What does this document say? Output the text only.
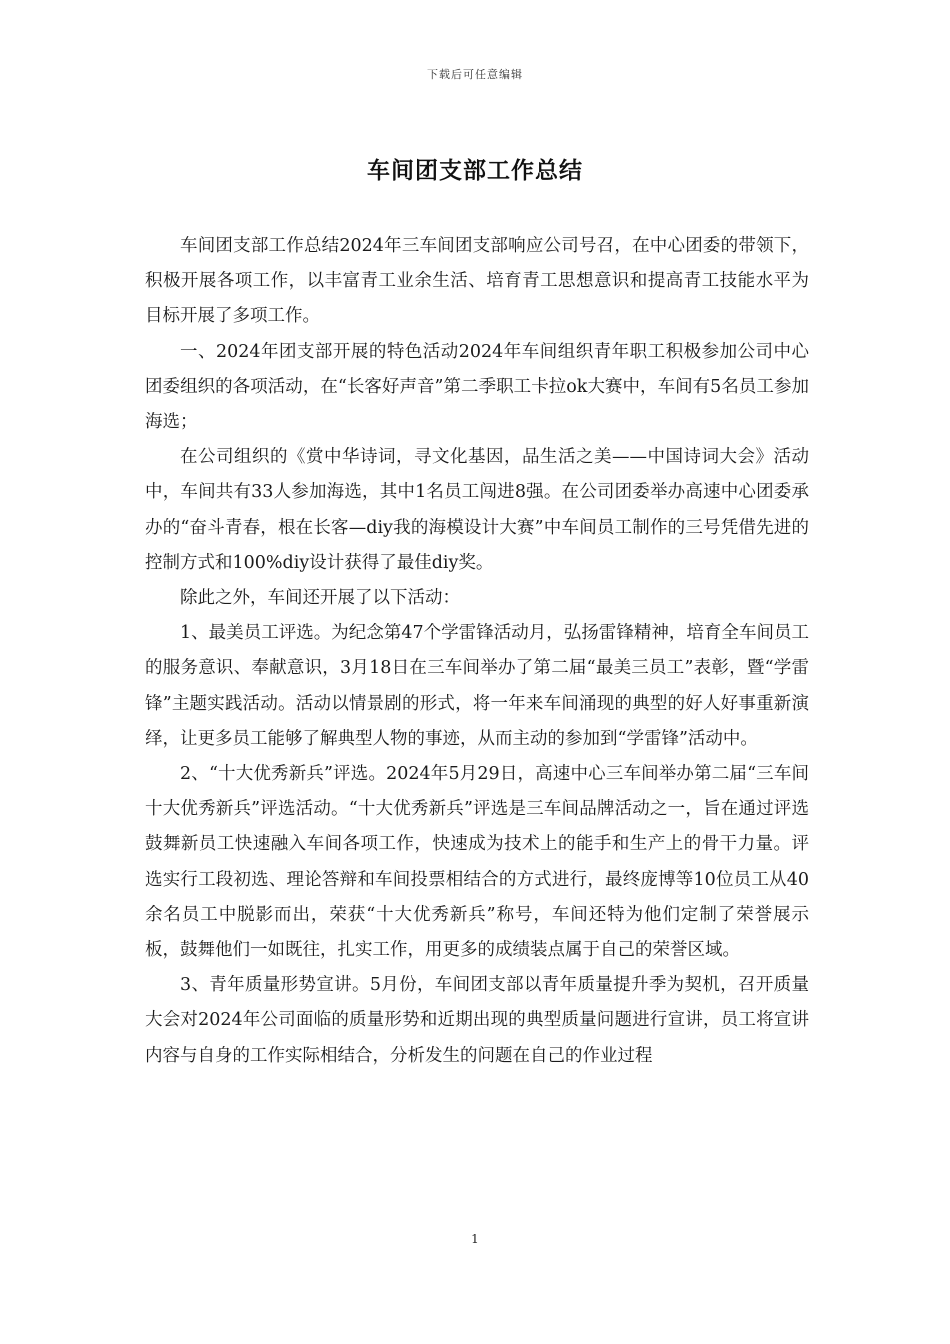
下载后可任意编辑
车间团支部工作总结

车间团支部工作总结2024年三车间团支部响应公司号召，在中心团委的带领下，积极开展各项工作，以丰富青工业余生活、培育青工思想意识和提高青工技能水平为目标开展了多项工作。

一、2024年团支部开展的特色活动2024年车间组织青年职工积极参加公司中心团委组织的各项活动，在“长客好声音”第二季职工卡拉ok大赛中，车间有5名员工参加海选；

在公司组织的《赏中华诗词，寻文化基因，品生活之美——中国诗词大会》活动中，车间共有33人参加海选，其中1名员工闯进8强。在公司团委举办高速中心团委承办的“奋斗青春，根在长客—diy我的海模设计大赛”中车间员工制作的三号凭借先进的控制方式和100%diy设计获得了最佳diy奖。

除此之外，车间还开展了以下活动：

1、最美员工评选。为纪念第47个学雷锋活动月，弘扬雷锋精神，培育全车间员工的服务意识、奉献意识，3月18日在三车间举办了第二届“最美三员工”表彰，暨“学雷锋”主题实践活动。活动以情景剧的形式，将一年来车间涌现的典型的好人好事重新演绎，让更多员工能够了解典型人物的事迹，从而主动的参加到“学雷锋”活动中。

2、“十大优秀新兵”评选。2024年5月29日，高速中心三车间举办第二届“三车间十大优秀新兵”评选活动。“十大优秀新兵”评选是三车间品牌活动之一，旨在通过评选鼓舞新员工快速融入车间各项工作，快速成为技术上的能手和生产上的骨干力量。评选实行工段初选、理论答辩和车间投票相结合的方式进行，最终庞博等10位员工从40余名员工中脱影而出，荣获“十大优秀新兵”称号，车间还特为他们定制了荣誉展示板，鼓舞他们一如既往，扎实工作，用更多的成绩装点属于自己的荣誉区域。

3、青年质量形势宣讲。5月份，车间团支部以青年质量提升季为契机，召开质量大会对2024年公司面临的质量形势和近期出现的典型质量问题进行宣讲，员工将宣讲内容与自身的工作实际相结合，分析发生的问题在自己的作业过程

1
